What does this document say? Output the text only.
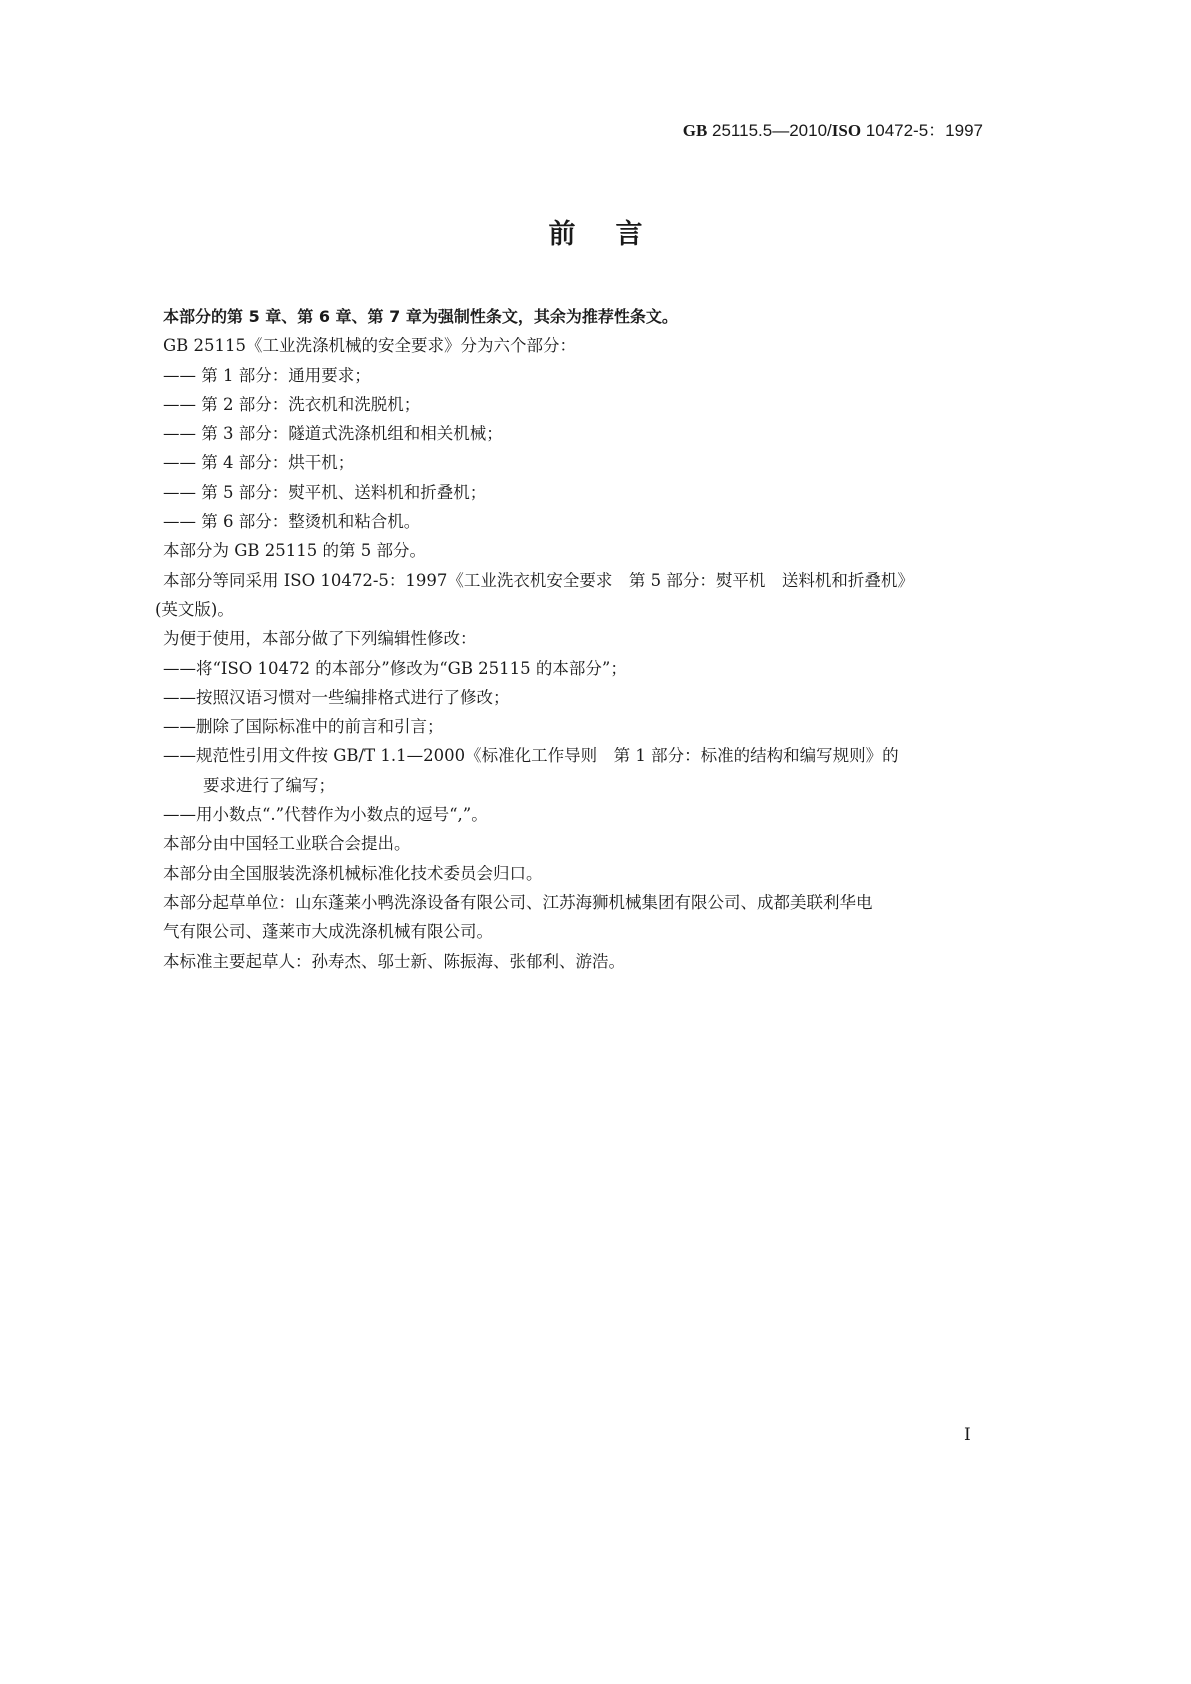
GB 25115.5—2010/ISO 10472-5：1997
前言
本部分的第 5 章、第 6 章、第 7 章为强制性条文，其余为推荐性条文。
GB 25115《工业洗涤机械的安全要求》分为六个部分：
—— 第 1 部分：通用要求；
—— 第 2 部分：洗衣机和洗脱机；
—— 第 3 部分：隧道式洗涤机组和相关机械；
—— 第 4 部分：烘干机；
—— 第 5 部分：熨平机、送料机和折叠机；
—— 第 6 部分：整烫机和粘合机。
本部分为 GB 25115 的第 5 部分。
本部分等同采用 ISO 10472-5：1997《工业洗衣机安全要求　第 5 部分：熨平机　送料机和折叠机》
(英文版)。
为便于使用，本部分做了下列编辑性修改：
——将“ISO 10472 的本部分”修改为“GB 25115 的本部分”；
——按照汉语习惯对一些编排格式进行了修改；
——删除了国际标准中的前言和引言；
——规范性引用文件按 GB/T 1.1—2000《标准化工作导则　第 1 部分：标准的结构和编写规则》的
要求进行了编写；
——用小数点“.”代替作为小数点的逗号“,”。
本部分由中国轻工业联合会提出。
本部分由全国服装洗涤机械标准化技术委员会归口。
本部分起草单位：山东蓬莱小鸭洗涤设备有限公司、江苏海狮机械集团有限公司、成都美联利华电
气有限公司、蓬莱市大成洗涤机械有限公司。
本标准主要起草人：孙寿杰、邬士新、陈振海、张郁利、游浩。
I
